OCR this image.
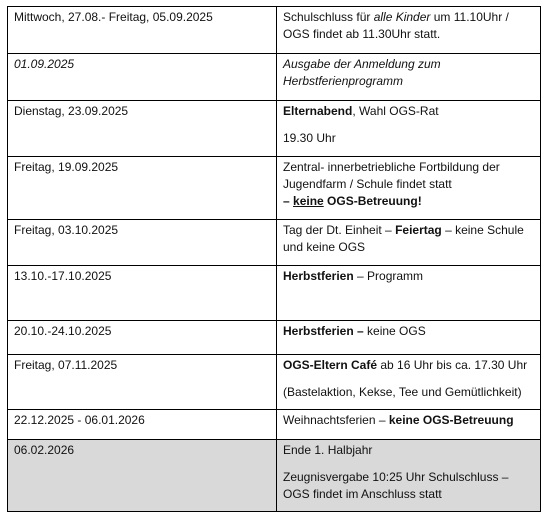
Mittwoch, 27.08.- Freitag, 05.09.2025	Schulschluss für alle Kinder um 11.10Uhr /
OGS findet ab 11.30Uhr statt.
01.09.2025	Ausgabe der Anmeldung zum
Herbstferienprogramm
Dienstag, 23.09.2025	Elternabend, Wahl OGS-Rat
19.30 Uhr
Freitag, 19.09.2025	Zentral- innerbetriebliche Fortbildung der
Jugendfarm / Schule findet statt
– keine OGS-Betreuung!
Freitag, 03.10.2025	Tag der Dt. Einheit – Feiertag – keine Schule
und keine OGS
13.10.-17.10.2025	Herbstferien – Programm
20.10.-24.10.2025	Herbstferien – keine OGS
Freitag, 07.11.2025	OGS-Eltern Café ab 16 Uhr bis ca. 17.30 Uhr
(Bastelaktion, Kekse, Tee und Gemütlichkeit)
22.12.2025 - 06.01.2026	Weihnachtsferien – keine OGS-Betreuung
06.02.2026	Ende 1. Halbjahr
Zeugnisvergabe 10:25 Uhr Schulschluss –
OGS findet im Anschluss statt
